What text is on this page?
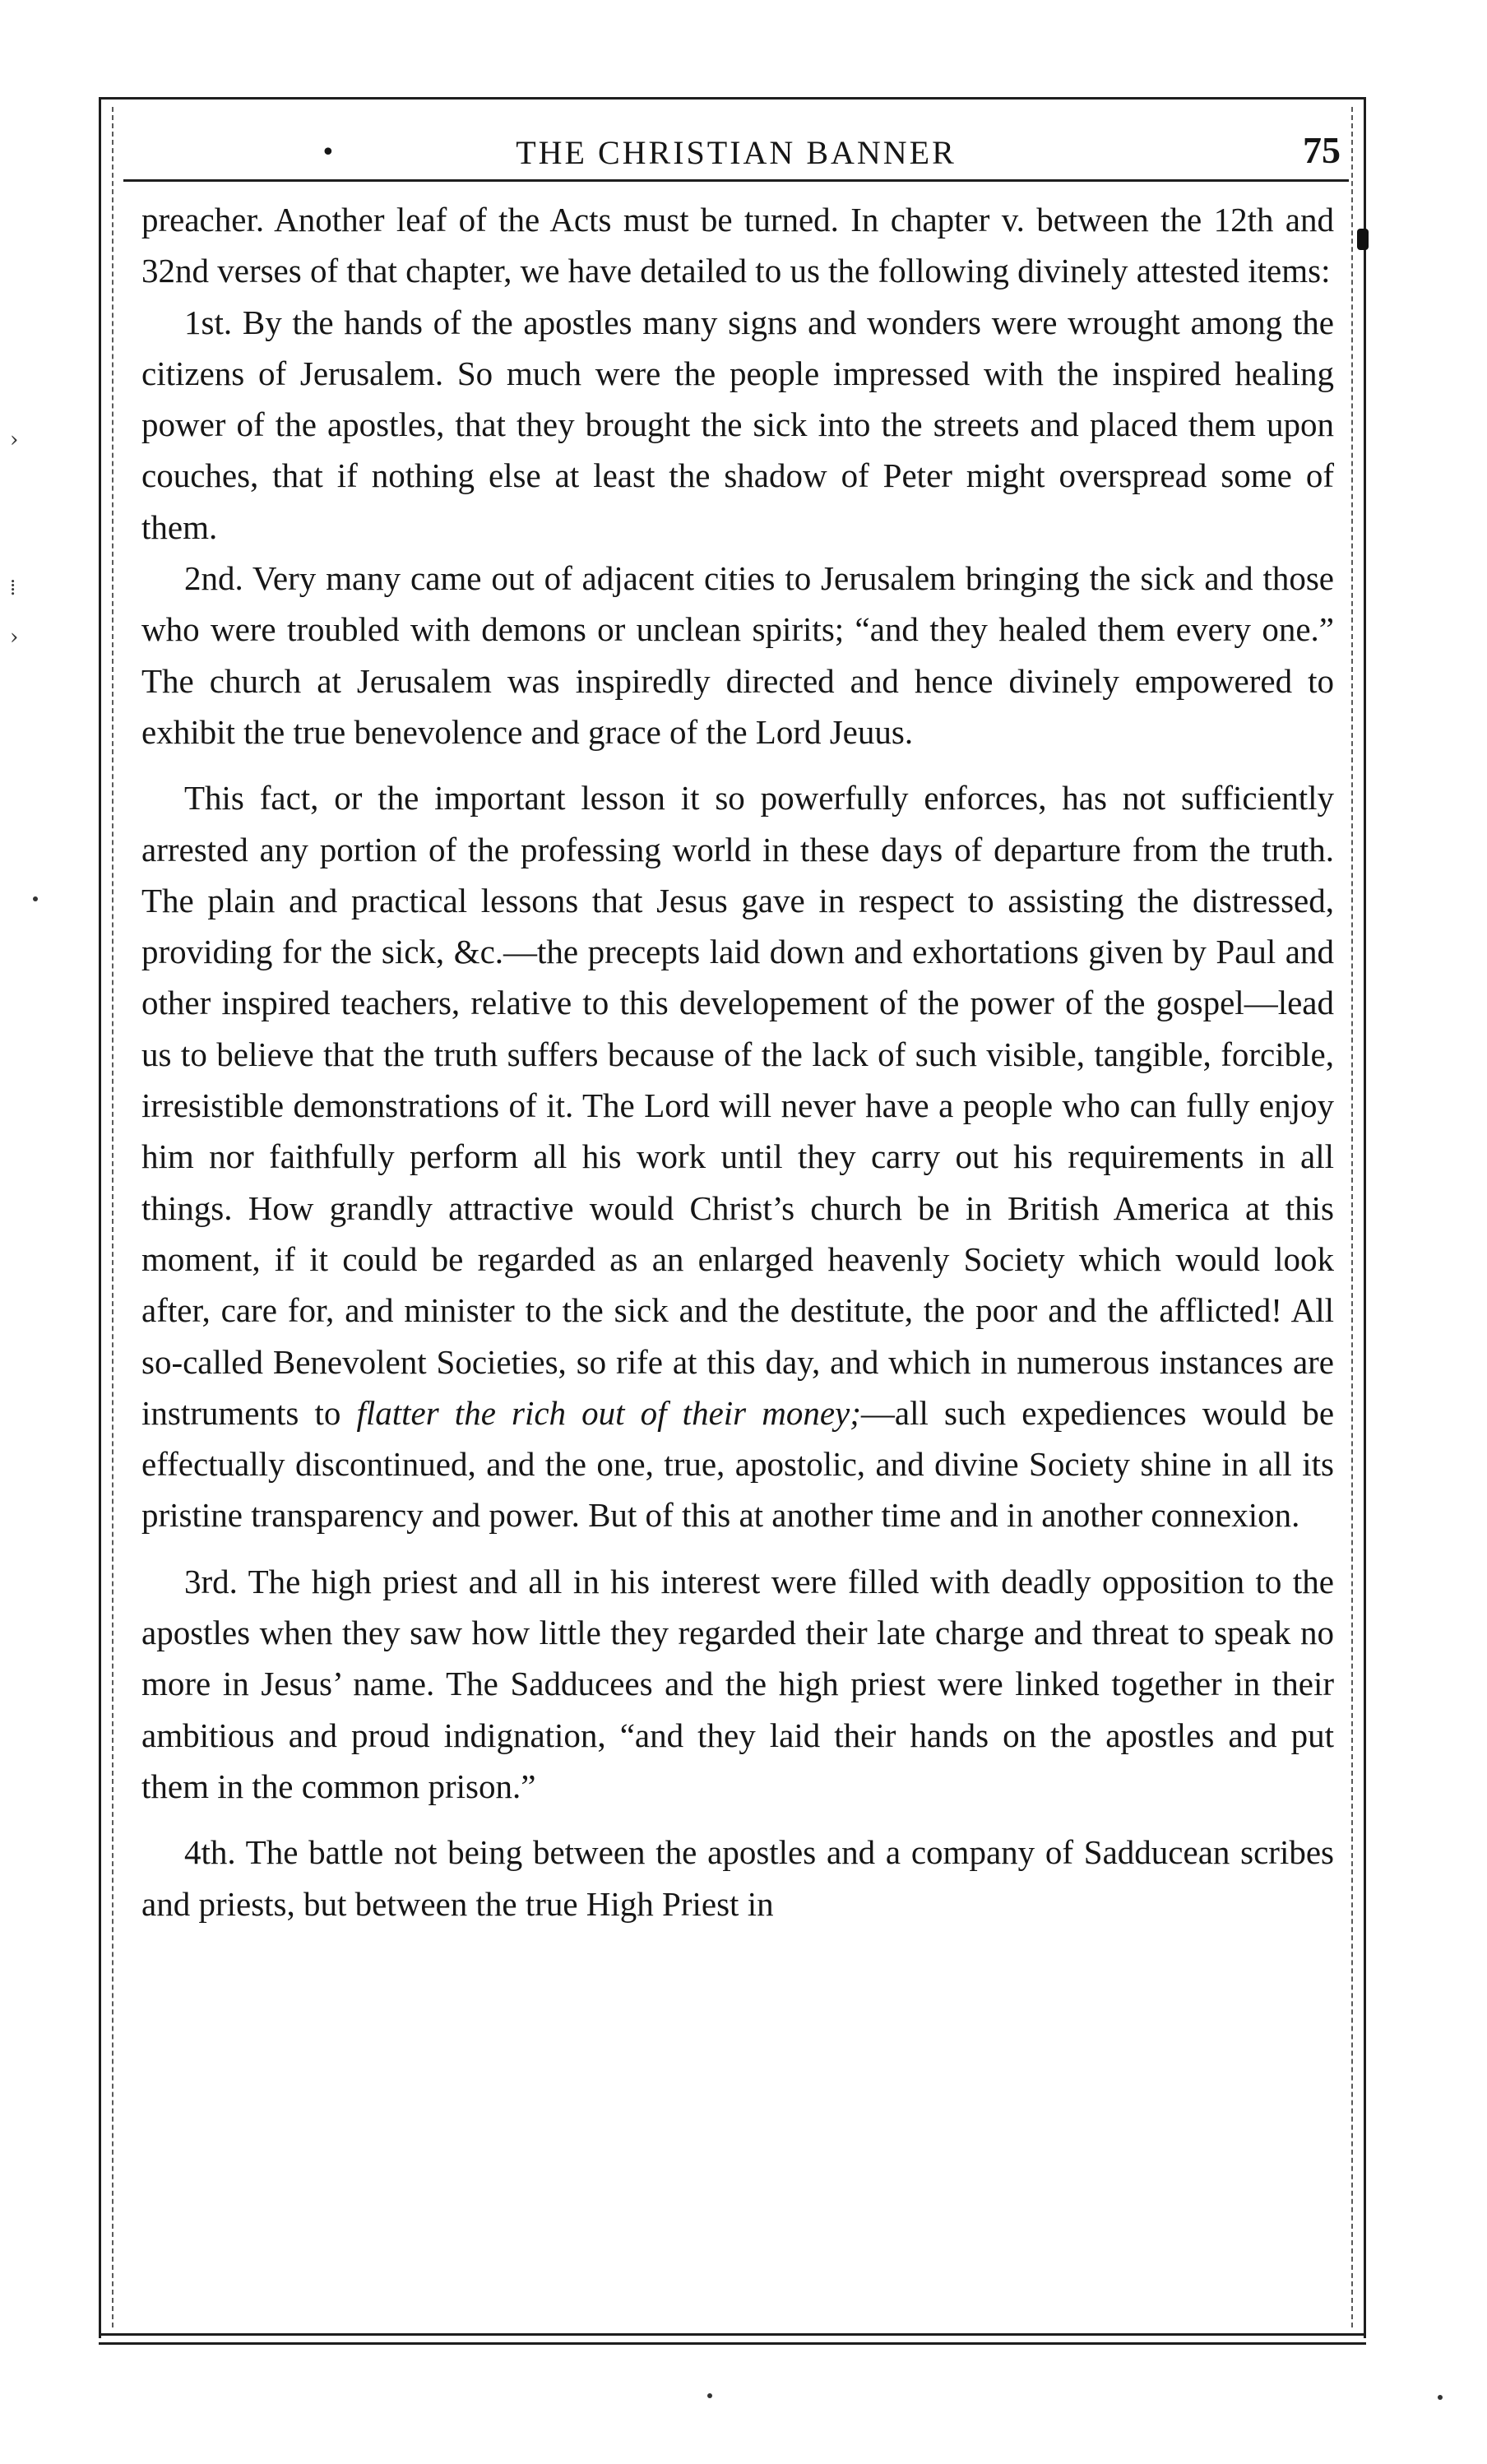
•	THE CHRISTIAN BANNER	75

preacher. Another leaf of the Acts must be turned. In chapter v. between the 12th and 32nd verses of that chapter, we have detailed to us the following divinely attested items:

1st. By the hands of the apostles many signs and wonders were wrought among the citizens of Jerusalem. So much were the people impressed with the inspired healing power of the apostles, that they brought the sick into the streets and placed them upon couches, that if nothing else at least the shadow of Peter might overspread some of them.

2nd. Very many came out of adjacent cities to Jerusalem bringing the sick and those who were troubled with demons or unclean spirits; “and they healed them every one.” The church at Jerusalem was inspiredly directed and hence divinely empowered to exhibit the true benevolence and grace of the Lord Jeuus.

This fact, or the important lesson it so powerfully enforces, has not sufficiently arrested any portion of the professing world in these days of departure from the truth. The plain and practical lessons that Jesus gave in respect to assisting the distressed, providing for the sick, &c.—the precepts laid down and exhortations given by Paul and other inspired teachers, relative to this developement of the power of the gospel—lead us to believe that the truth suffers because of the lack of such visible, tangible, forcible, irresistible demonstrations of it. The Lord will never have a people who can fully enjoy him nor faithfully perform all his work until they carry out his requirements in all things. How grandly attractive would Christ’s church be in British America at this moment, if it could be regarded as an enlarged heavenly Society which would look after, care for, and minister to the sick and the destitute, the poor and the afflicted! All so-called Benevolent Societies, so rife at this day, and which in numerous instances are instruments to flatter the rich out of their money;—all such expediences would be effectually discontinued, and the one, true, apostolic, and divine Society shine in all its pristine transparency and power. But of this at another time and in another connexion.

3rd. The high priest and all in his interest were filled with deadly opposition to the apostles when they saw how little they regarded their late charge and threat to speak no more in Jesus’ name. The Sadducees and the high priest were linked together in their ambitious and proud indignation, “and they laid their hands on the apostles and put them in the common prison.”

4th. The battle not being between the apostles and a company of Sadducean scribes and priests, but between the true High Priest in

›
⁞
›
